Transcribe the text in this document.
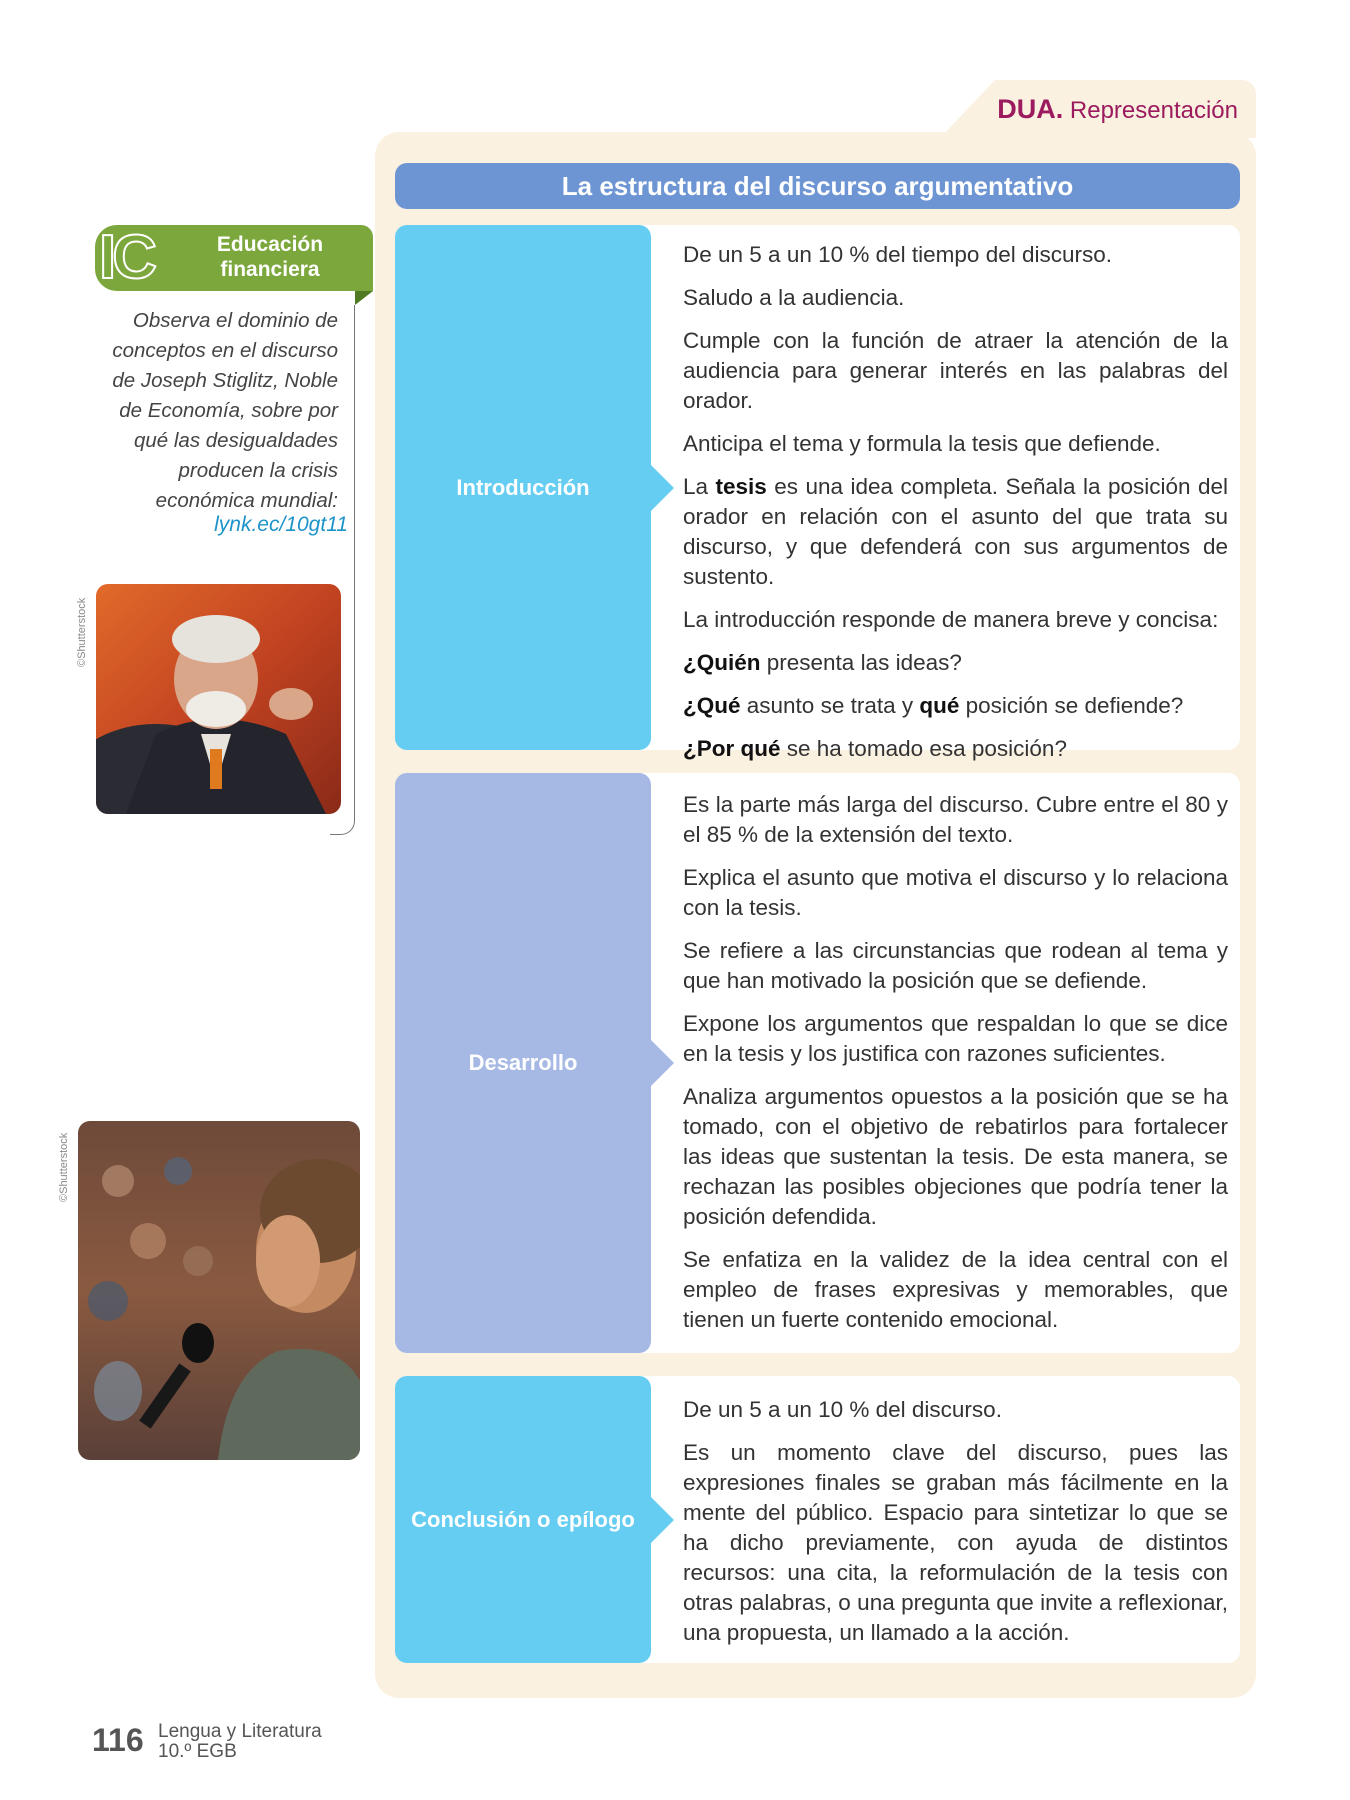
DUA. Representación
La estructura del discurso argumentativo
Introducción

De un 5 a un 10 % del tiempo del discurso.

Saludo a la audiencia.

Cumple con la función de atraer la atención de la audiencia para generar interés en las palabras del orador.

Anticipa el tema y formula la tesis que defiende.

La tesis es una idea completa. Señala la posición del orador en relación con el asunto del que trata su discurso, y que defenderá con sus argumentos de sustento.

La introducción responde de manera breve y concisa:

¿Quién presenta las ideas?

¿Qué asunto se trata y qué posición se defiende?

¿Por qué se ha tomado esa posición?

Desarrollo

Es la parte más larga del discurso. Cubre entre el 80 y el 85 % de la extensión del texto.

Explica el asunto que motiva el discurso y lo relaciona con la tesis.

Se refiere a las circunstancias que rodean al tema y que han motivado la posición que se defiende.

Expone los argumentos que respaldan lo que se dice en la tesis y los justifica con razones suficientes.

Analiza argumentos opuestos a la posición que se ha tomado, con el objetivo de rebatirlos para fortalecer las ideas que sustentan la tesis. De esta manera, se rechazan las posibles objeciones que podría tener la posición defendida.

Se enfatiza en la validez de la idea central con el empleo de frases expresivas y memorables, que tienen un fuerte contenido emocional.

Conclusión o epílogo

De un 5 a un 10 % del discurso.

Es un momento clave del discurso, pues las expresiones finales se graban más fácilmente en la mente del público. Espacio para sintetizar lo que se ha dicho previamente, con ayuda de distintos recursos: una cita, la reformulación de la tesis con otras palabras, o una pregunta que invite a reflexionar, una propuesta, un llamado a la acción.

IC	Educación financiera
Observa el dominio de conceptos en el discurso de Joseph Stiglitz, Noble de Economía, sobre por qué las desigualdades producen la crisis económica mundial:
lynk.ec/10gt11
©Shutterstock
©Shutterstock
116 Lengua y Literatura
10.º EGB
